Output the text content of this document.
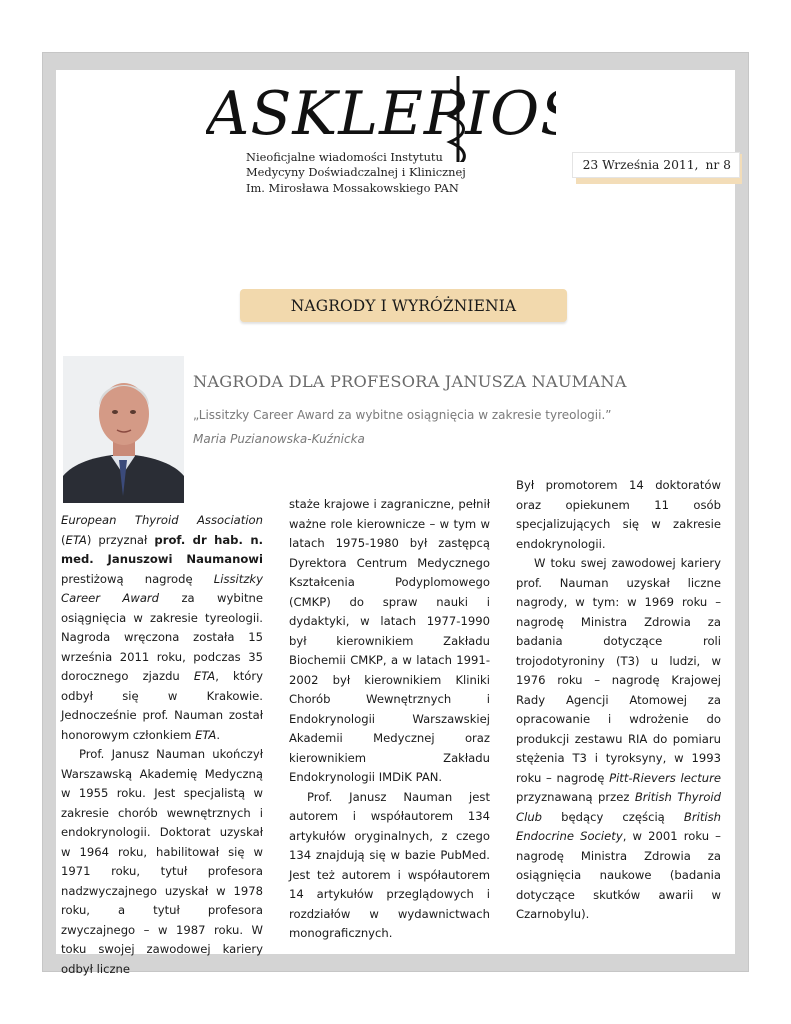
ASKLEPIOS
Nieoficjalne wiadomości Instytutu
Medycyny Doświadczalnej i Klinicznej
Im. Mirosława Mossakowskiego PAN
23 Września 2011, nr 8
NAGRODY I WYRÓŻNIENIA
NAGRODA DLA PROFESORA JANUSZA NAUMANA
„Lissitzky Career Award za wybitne osiągnięcia w zakresie tyreologii.”
Maria Puzianowska-Kuźnicka

European Thyroid Association (ETA) przyznał prof. dr hab. n. med. Januszowi Naumanowi prestiżową nagrodę Lissitzky Career Award za wybitne osiągnięcia w zakresie tyreologii. Nagroda wręczona została 15 września 2011 roku, podczas 35 dorocznego zjazdu ETA, który odbył się w Krakowie. Jednocześnie prof. Nauman został honorowym członkiem ETA.

Prof. Janusz Nauman ukończył Warszawską Akademię Medyczną w 1955 roku. Jest specjalistą w zakresie chorób wewnętrznych i endokrynologii. Doktorat uzyskał w 1964 roku, habilitował się w 1971 roku, tytuł profesora nadzwyczajnego uzyskał w 1978 roku, a tytuł profesora zwyczajnego – w 1987 roku. W toku swojej zawodowej kariery odbył liczne

staże krajowe i zagraniczne, pełnił ważne role kierownicze – w tym w latach 1975-1980 był zastępcą Dyrektora Centrum Medycznego Kształcenia Podyplomowego (CMKP) do spraw nauki i dydaktyki, w latach 1977-1990 był kierownikiem Zakładu Biochemii CMKP, a w latach 1991-2002 był kierownikiem Kliniki Chorób Wewnętrznych i Endokrynologii Warszawskiej Akademii Medycznej oraz kierownikiem Zakładu Endokrynologii IMDiK PAN.

Prof. Janusz Nauman jest autorem i współautorem 134 artykułów oryginalnych, z czego 134 znajdują się w bazie PubMed. Jest też autorem i współautorem 14 artykułów przeglądowych i rozdziałów w wydawnictwach monograficznych.

Był promotorem 14 doktoratów oraz opiekunem 11 osób specjalizujących się w zakresie endokrynologii.

W toku swej zawodowej kariery prof. Nauman uzyskał liczne nagrody, w tym: w 1969 roku – nagrodę Ministra Zdrowia za badania dotyczące roli trojodotyroniny (T3) u ludzi, w 1976 roku – nagrodę Krajowej Rady Agencji Atomowej za opracowanie i wdrożenie do produkcji zestawu RIA do pomiaru stężenia T3 i tyroksyny, w 1993 roku – nagrodę Pitt-Rievers lecture przyznawaną przez British Thyroid Club będący częścią British Endocrine Society, w 2001 roku – nagrodę Ministra Zdrowia za osiągnięcia naukowe (badania dotyczące skutków awarii w Czarnobylu).
